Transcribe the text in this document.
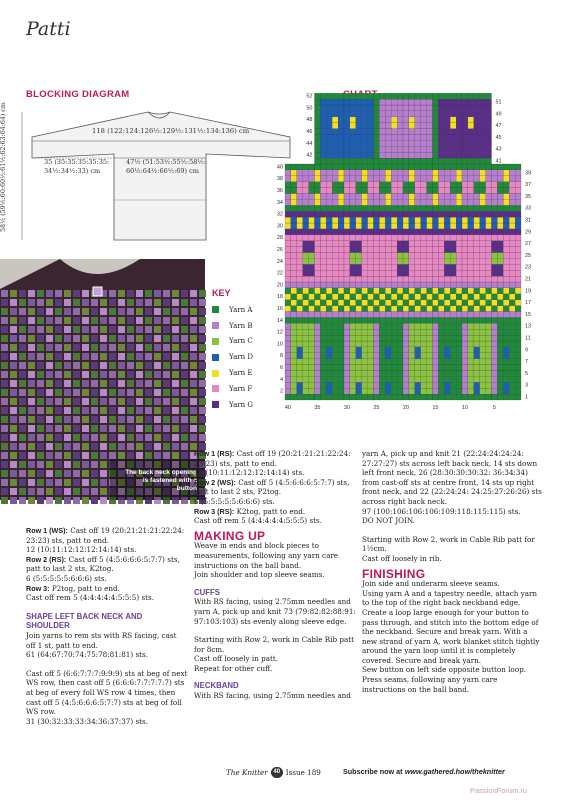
Patti
BLOCKING DIAGRAM
118 (122:124:126½:129½:131½:134:136) cm
35 (35:35:35:35:35: 34½:34½:33) cm
47½ (51:53½:55½:58½: 60½:64½:66½:69) cm
58½ (59½:60:60½:61½:62:63:64:64) cm	51
49
47
45
43
41
39
37
35
33
31
29
27
25
23
21
19
17
15
13
11
9
7
5
3
1
52
50
48
46
44
42
40
38
36
34
32
30
28
26
24
22
20
18
16
14
12
10
8
6
4
2
40	35	30	25	20	15	10	5
The back neck opening is fastened with a button
KEY
Yarn A
Yarn B
Yarn C
Yarn D
Yarn E
Yarn F
Yarn G
Row 1 (WS): Cast off 19 (20:21:21:21:22:24: 23:23) sts, patt to end.
12 (10:11:12:12:12:14:14) sts.
Row 2 (RS): Cast off 5 (4:5:6:6:6:5:7:7) sts, patt to last 2 sts, K2tog.
6 (5:5:5:5:5:6:6:6) sts.
Row 3: P2tog, patt to end.
Cast off rem 5 (4:4:4:4:4:5:5:5) sts.
SHAPE LEFT BACK NECK AND SHOULDER
Join yarns to rem sts with RS facing, cast off 1 st, patt to end.
61 (64:67:70:74:75:78:81:81) sts.
Cast off 5 (6:6:7:7:7:9:9:9) sts at beg of next WS row, then cast off 5 (6:6:6:7:7:7:7:7) sts at beg of every foll WS row 4 times, then cast off 5 (4:5:6:6:6:5:7:7) sts at beg of foll WS row.
31 (30:32:33:33:34:36:37:37) sts.
Row 1 (RS): Cast off 19 (20:21:21:21:22:24: 23:23) sts, patt to end.
12 (10:11:12:12:12:14:14) sts.
Row 2 (WS): Cast off 5 (4:5:6:6:6:5:7:7) sts, patt to last 2 sts, P2tog.
6 (5:5:5:5:5:6:6:6) sts.
Row 3 (RS): K2tog, patt to end.
Cast off rem 5 (4:4:4:4:4:5:5:5) sts.
MAKING UP
Weave in ends and block pieces to measurements, following any yarn care instructions on the ball band.
Join shoulder and top sleeve seams.
CUFFS
With RS facing, using 2.75mm needles and yarn A, pick up and knit 73 (79:82:82:88:91: 97:103:103) sts evenly along sleeve edge.
Starting with Row 2, work in Cable Rib patt for 8cm.
Cast off loosely in patt.
Repeat for other cuff.
NECKBAND
With RS facing, using 2.75mm needles and
yarn A, pick up and knit 21 (22:24:24:24:24: 27:27:27) sts across left back neck, 14 sts down left front neck, 26 (28:30:30:30:32: 36:34:34) from cast-off sts at centre front, 14 sts up right front neck, and 22 (22:24:24: 24:25:27:26:26) sts across right back neck.
97 (100:106:106:106:109:118:115:115) sts.
DO NOT JOIN.
Starting with Row 2, work in Cable Rib patt for 1½cm.
Cast off loosely in rib.
FINISHING
Join side and underarm sleeve seams.
Using yarn A and a tapestry needle, attach yarn to the top of the right back neckband edge. Create a loop large enough for your button to pass through, and stitch into the bottom edge of the neckband. Secure and break yarn. With a new strand of yarn A, work blanket stitch tightly around the yarn loop until it is completely covered. Secure and break yarn.
Sew button on left side opposite button loop. Press seams, following any yarn care instructions on the ball band.
The Knitter 40 Issue 189	Subscribe now at www.gathered.how/theknitter
PassionForum.ru
